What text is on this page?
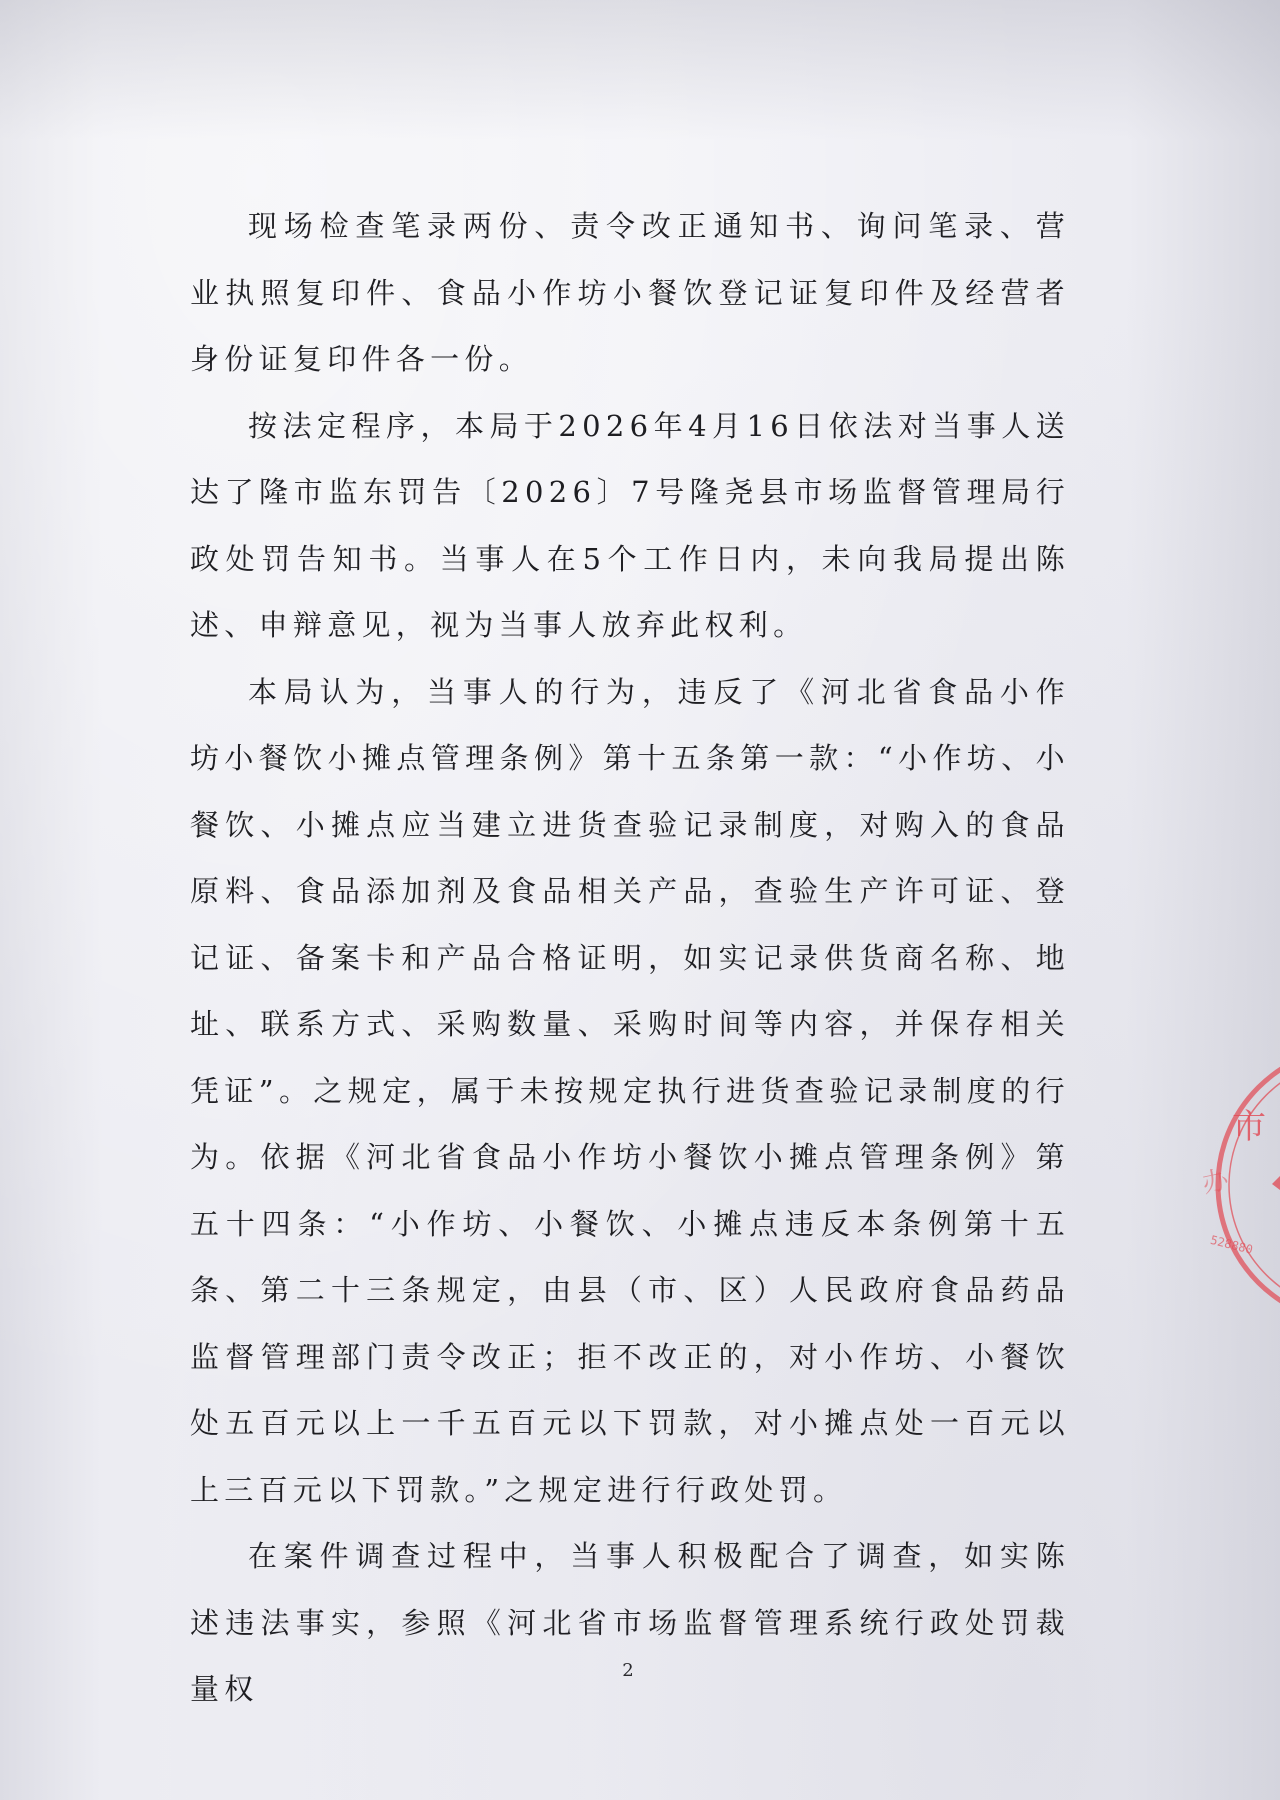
现场检查笔录两份、责令改正通知书、询问笔录、营业执照复印件、食品小作坊小餐饮登记证复印件及经营者身份证复印件各一份。

按法定程序，本局于2026年4月16日依法对当事人送达了隆市监东罚告〔2026〕7号隆尧县市场监督管理局行政处罚告知书。当事人在5个工作日内，未向我局提出陈述、申辩意见，视为当事人放弃此权利。

本局认为，当事人的行为，违反了《河北省食品小作坊小餐饮小摊点管理条例》第十五条第一款：“小作坊、小餐饮、小摊点应当建立进货查验记录制度，对购入的食品原料、食品添加剂及食品相关产品，查验生产许可证、登记证、备案卡和产品合格证明，如实记录供货商名称、地址、联系方式、采购数量、采购时间等内容，并保存相关凭证”。之规定，属于未按规定执行进货查验记录制度的行为。依据《河北省食品小作坊小餐饮小摊点管理条例》第五十四条：“小作坊、小餐饮、小摊点违反本条例第十五条、第二十三条规定，由县（市、区）人民政府食品药品监督管理部门责令改正；拒不改正的，对小作坊、小餐饮处五百元以上一千五百元以下罚款，对小摊点处一百元以上三百元以下罚款。”之规定进行行政处罚。

在案件调查过程中，当事人积极配合了调查，如实陈述违法事实，参照《河北省市场监督管理系统行政处罚裁量权

市
办
528880
2
